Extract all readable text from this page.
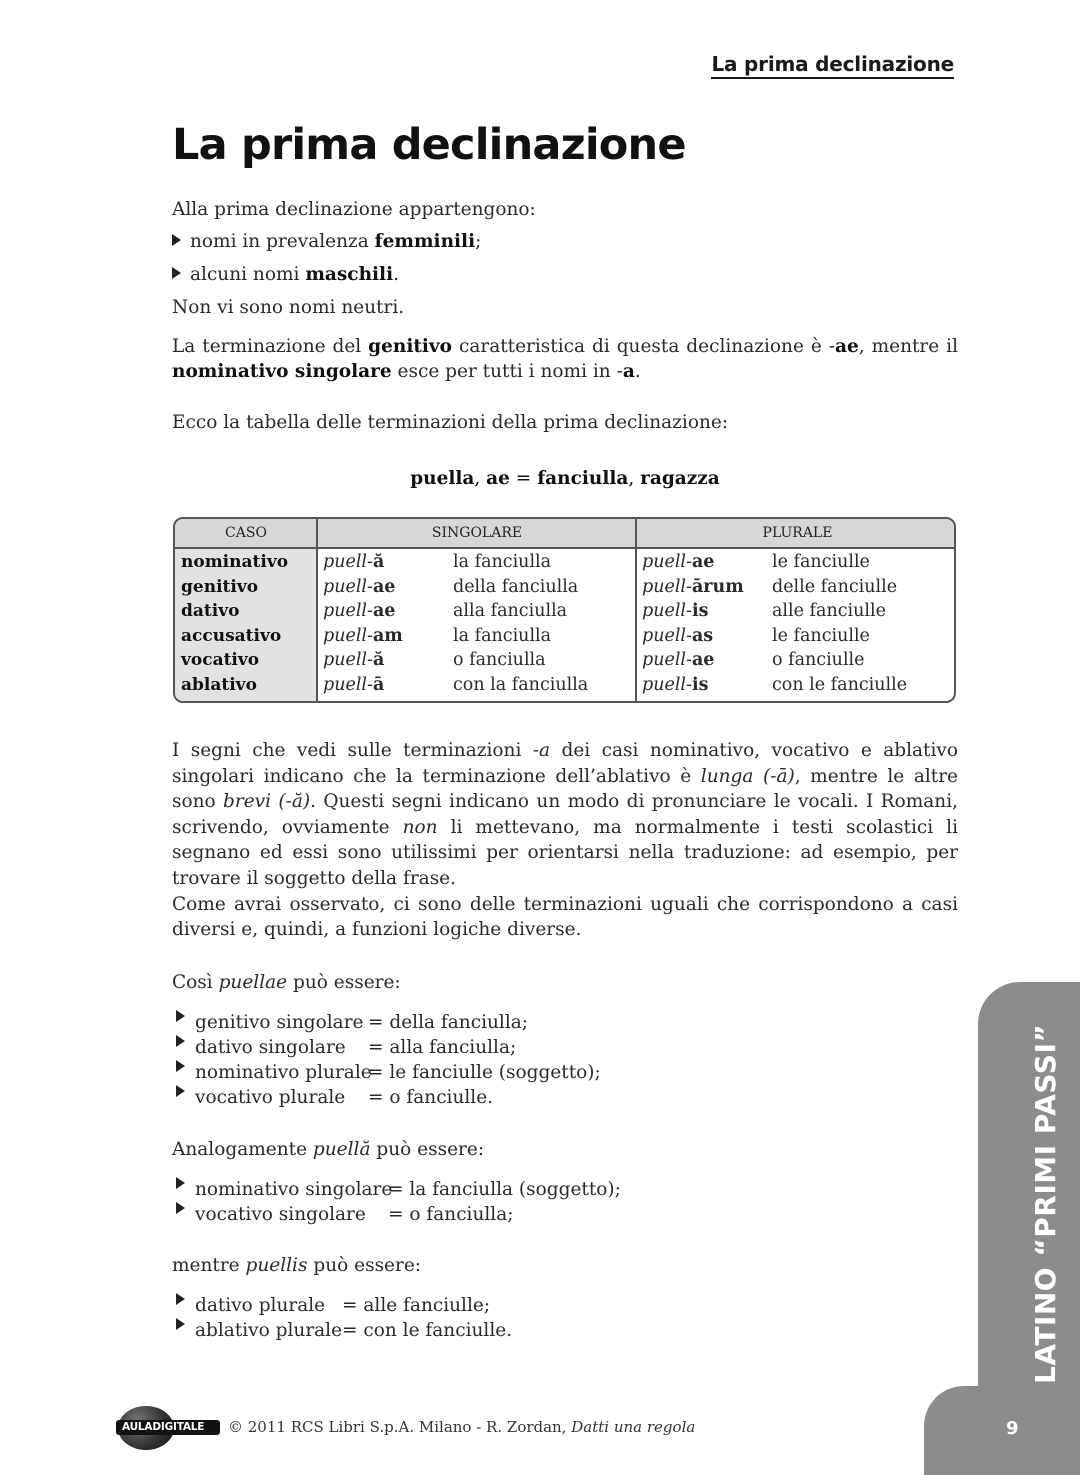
La prima declinazione
La prima declinazione

Alla prima declinazione appartengono:

nomi in prevalenza femminili;

alcuni nomi maschili.

Non vi sono nomi neutri.

La terminazione del genitivo caratteristica di questa declinazione è -ae, mentre il nominativo singolare esce per tutti i nomi in -a.

Ecco la tabella delle terminazioni della prima declinazione:

puella, ae = fanciulla, ragazza
CASO	SINGOLARE	PLURALE
nominativo puell-ă	la fanciulla	puell-ae	le fanciulle
genitivo	puell-ae	della fanciulla	puell-ārum delle fanciulle
dativo	puell-ae	alla fanciulla	puell-is	alle fanciulle
accusativo puell-am	la fanciulla	puell-as	le fanciulle
vocativo	puell-ă	o fanciulla	puell-ae	o fanciulle
ablativo	puell-ā	con la fanciulla	puell-is	con le fanciulle

I segni che vedi sulle terminazioni -a dei casi nominativo, vocativo e ablativo singolari indicano che la terminazione dell’ablativo è lunga (-ā), mentre le altre sono brevi (-ă). Questi segni indicano un modo di pronunciare le vocali. I Romani, scrivendo, ovviamente non li mettevano, ma normalmente i testi scolastici li segnano ed essi sono utilissimi per orientarsi nella traduzione: ad esempio, per trovare il soggetto della frase.

Come avrai osservato, ci sono delle terminazioni uguali che corrispondono a casi diversi e, quindi, a funzioni logiche diverse.

Così puellae può essere:

genitivo singolare = della fanciulla;
dativo singolare = alla fanciulla;
nominativo plurale
= le fanciulle (soggetto);
vocativo plurale = o fanciulle.

Analogamente puellă può essere:

nominativo singolare
= la fanciulla (soggetto);
vocativo singolare = o fanciulla;

mentre puellis può essere:

dativo plurale = alle fanciulle;
ablativo plurale = con le fanciulle.	LATINO “PRIMI PASSI”
9
AULADIGITALE	© 2011 RCS Libri S.p.A. Milano - R. Zordan, Datti una regola
